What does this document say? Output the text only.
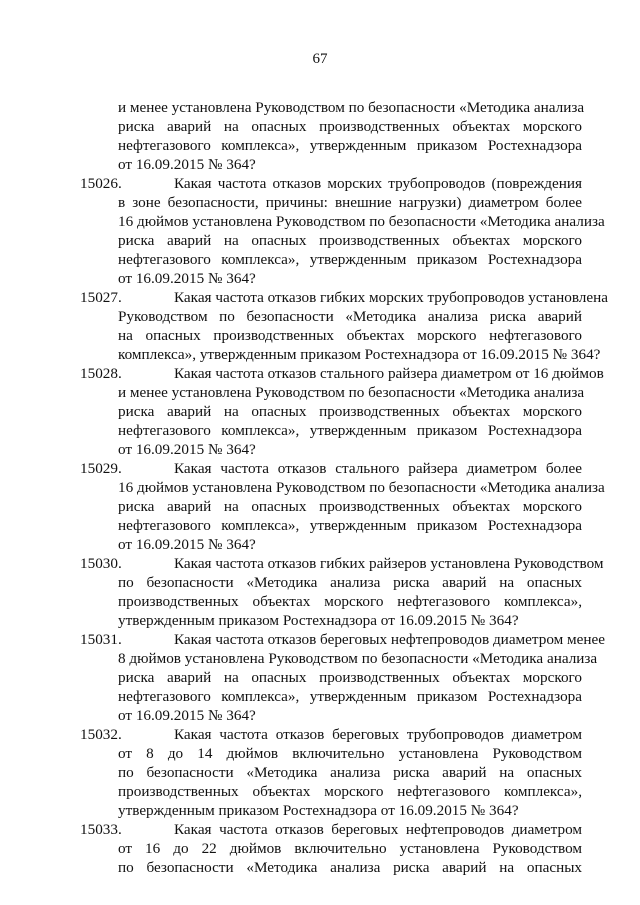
67
и менее установлена Руководством по безопасности «Методика анализа
риска аварий на опасных производственных объектах морского
нефтегазового комплекса», утвержденным приказом Ростехнадзора
от 16.09.2015 № 364?
15026.	Какая частота отказов морских трубопроводов (повреждения
в зоне безопасности, причины: внешние нагрузки) диаметром более
16 дюймов установлена Руководством по безопасности «Методика анализа
риска аварий на опасных производственных объектах морского
нефтегазового комплекса», утвержденным приказом Ростехнадзора
от 16.09.2015 № 364?
15027.	Какая частота отказов гибких морских трубопроводов установлена
Руководством по безопасности «Методика анализа риска аварий
на опасных производственных объектах морского нефтегазового
комплекса», утвержденным приказом Ростехнадзора от 16.09.2015 № 364?
15028.	Какая частота отказов стального райзера диаметром от 16 дюймов
и менее установлена Руководством по безопасности «Методика анализа
риска аварий на опасных производственных объектах морского
нефтегазового комплекса», утвержденным приказом Ростехнадзора
от 16.09.2015 № 364?
15029.	Какая частота отказов стального райзера диаметром более
16 дюймов установлена Руководством по безопасности «Методика анализа
риска аварий на опасных производственных объектах морского
нефтегазового комплекса», утвержденным приказом Ростехнадзора
от 16.09.2015 № 364?
15030.	Какая частота отказов гибких райзеров установлена Руководством
по безопасности «Методика анализа риска аварий на опасных
производственных объектах морского нефтегазового комплекса»,
утвержденным приказом Ростехнадзора от 16.09.2015 № 364?
15031.	Какая частота отказов береговых нефтепроводов диаметром менее
8 дюймов установлена Руководством по безопасности «Методика анализа
риска аварий на опасных производственных объектах морского
нефтегазового комплекса», утвержденным приказом Ростехнадзора
от 16.09.2015 № 364?
15032.	Какая частота отказов береговых трубопроводов диаметром
от 8 до 14 дюймов включительно установлена Руководством
по безопасности «Методика анализа риска аварий на опасных
производственных объектах морского нефтегазового комплекса»,
утвержденным приказом Ростехнадзора от 16.09.2015 № 364?
15033.	Какая частота отказов береговых нефтепроводов диаметром
от 16 до 22 дюймов включительно установлена Руководством
по безопасности «Методика анализа риска аварий на опасных
